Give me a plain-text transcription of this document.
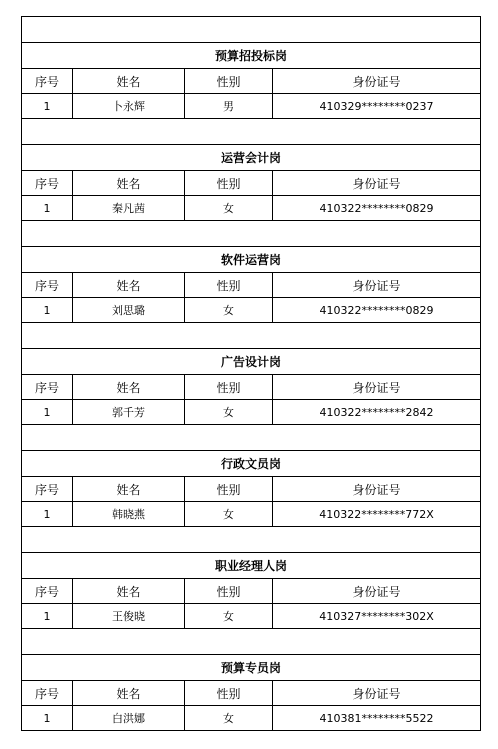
预算招投标岗			
序号	姓名	性别	身份证号
1	卜永辉	男	410329********0237

运营会计岗			
序号	姓名	性别	身份证号
1	秦凡茜	女	410322********0829

软件运营岗			
序号	姓名	性别	身份证号
1	刘思璐	女	410322********0829

广告设计岗			
序号	姓名	性别	身份证号
1	郭千芳	女	410322********2842

行政文员岗			
序号	姓名	性别	身份证号
1	韩晓燕	女	410322********772X

职业经理人岗			
序号	姓名	性别	身份证号
1	王俊晓	女	410327********302X

预算专员岗			
序号	姓名	性别	身份证号
1	白洪娜	女	410381********5522
